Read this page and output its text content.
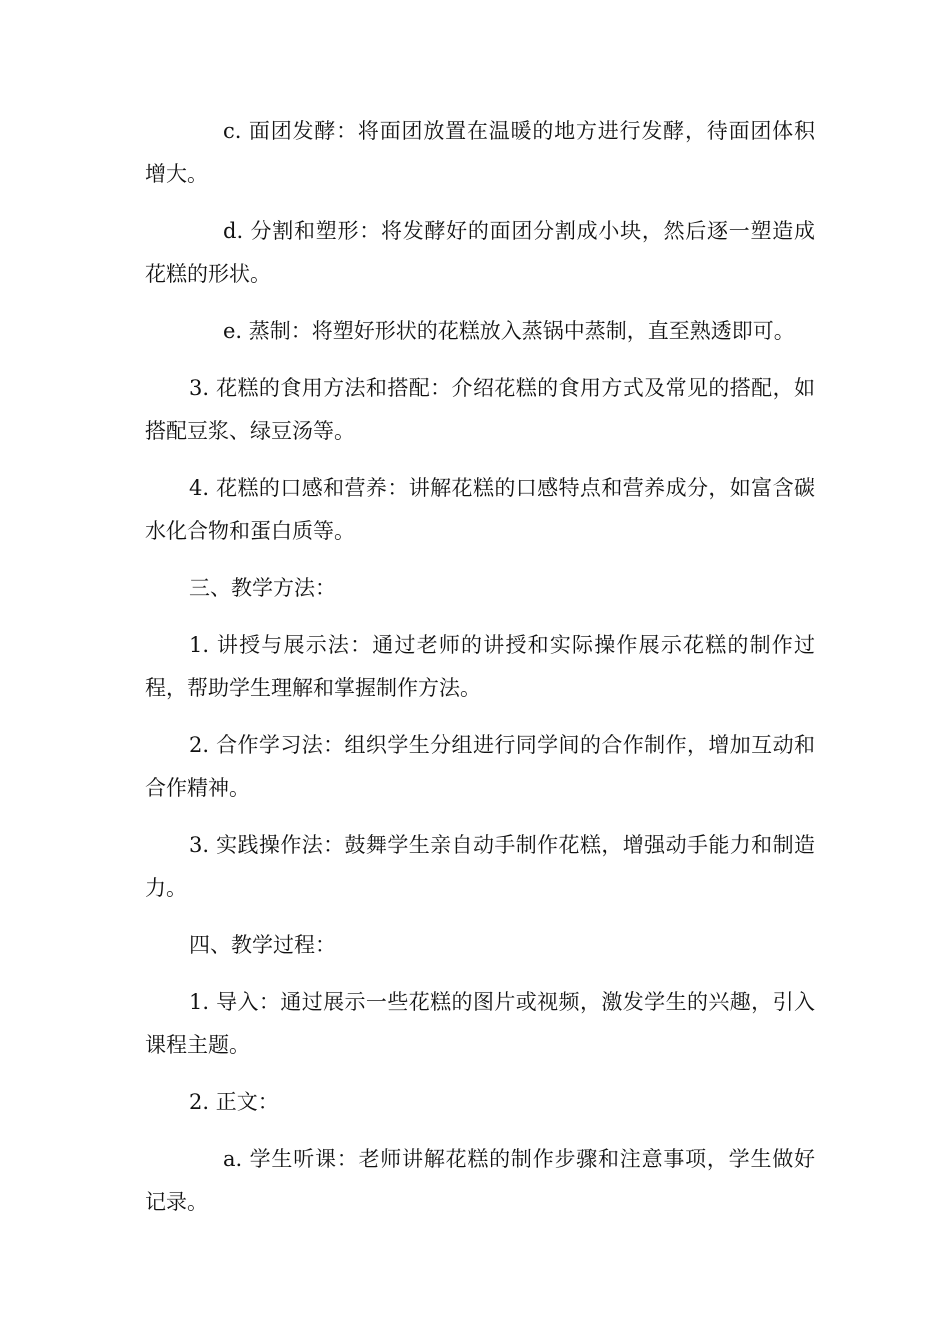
c. 面团发酵：将面团放置在温暖的地方进行发酵，待面团体积增大。

d. 分割和塑形：将发酵好的面团分割成小块，然后逐一塑造成花糕的形状。

e. 蒸制：将塑好形状的花糕放入蒸锅中蒸制，直至熟透即可。

3. 花糕的食用方法和搭配：介绍花糕的食用方式及常见的搭配，如搭配豆浆、绿豆汤等。

4. 花糕的口感和营养：讲解花糕的口感特点和营养成分，如富含碳水化合物和蛋白质等。

三、教学方法：

1. 讲授与展示法：通过老师的讲授和实际操作展示花糕的制作过程，帮助学生理解和掌握制作方法。

2. 合作学习法：组织学生分组进行同学间的合作制作，增加互动和合作精神。

3. 实践操作法：鼓舞学生亲自动手制作花糕，增强动手能力和制造力。

四、教学过程：

1. 导入：通过展示一些花糕的图片或视频，激发学生的兴趣，引入课程主题。

2. 正文：

a. 学生听课：老师讲解花糕的制作步骤和注意事项，学生做好记录。
